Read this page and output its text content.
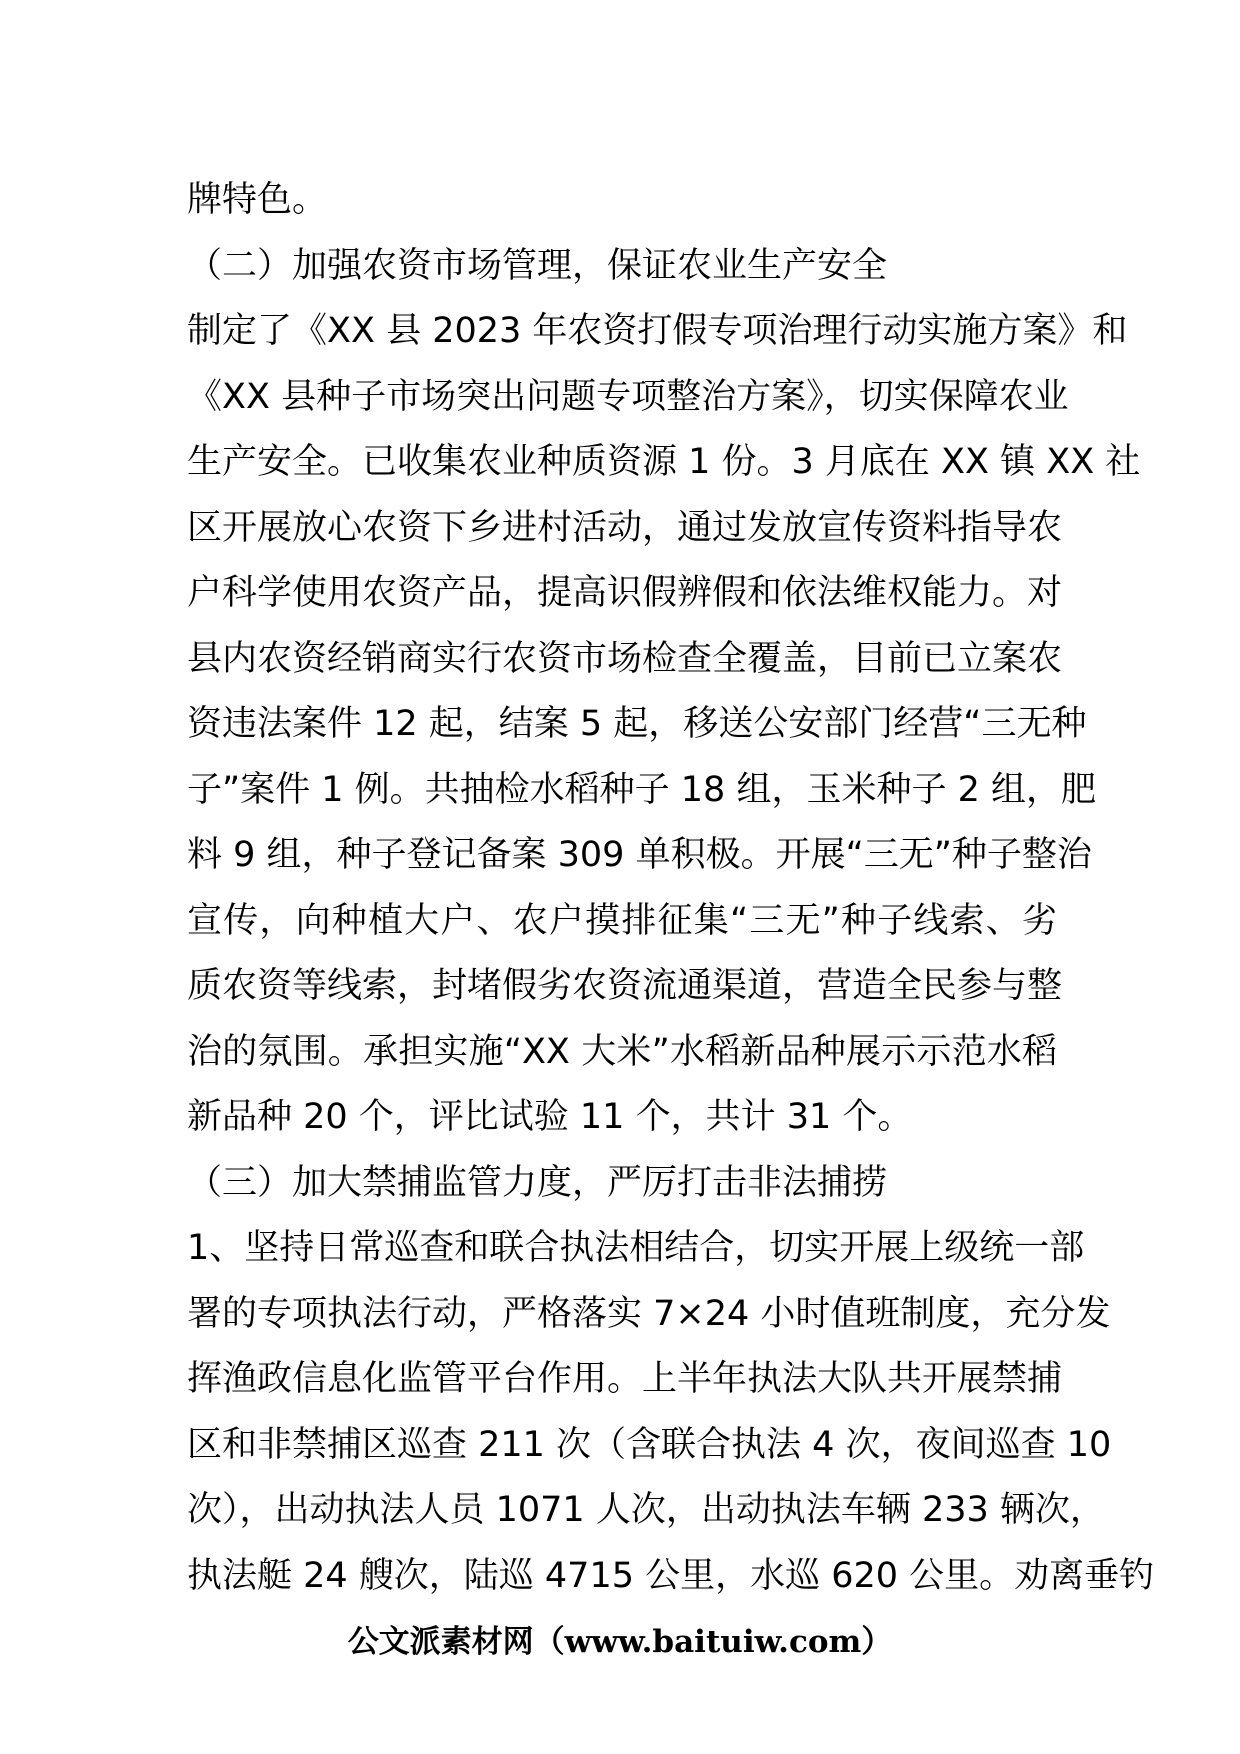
牌特色。
（二）加强农资市场管理，保证农业生产安全
制定了《XX 县 2023 年农资打假专项治理行动实施方案》和
《XX 县种子市场突出问题专项整治方案》，切实保障农业
生产安全。已收集农业种质资源 1 份。3 月底在 XX 镇 XX 社
区开展放心农资下乡进村活动，通过发放宣传资料指导农
户科学使用农资产品，提高识假辨假和依法维权能力。对
县内农资经销商实行农资市场检查全覆盖，目前已立案农
资违法案件 12 起，结案 5 起，移送公安部门经营“三无种
子”案件 1 例。共抽检水稻种子 18 组，玉米种子 2 组，肥
料 9 组，种子登记备案 309 单积极。开展“三无”种子整治
宣传，向种植大户、农户摸排征集“三无”种子线索、劣
质农资等线索，封堵假劣农资流通渠道，营造全民参与整
治的氛围。承担实施“XX 大米”水稻新品种展示示范水稻
新品种 20 个，评比试验 11 个，共计 31 个。
（三）加大禁捕监管力度，严厉打击非法捕捞
1、坚持日常巡查和联合执法相结合，切实开展上级统一部
署的专项执法行动，严格落实 7×24 小时值班制度，充分发
挥渔政信息化监管平台作用。上半年执法大队共开展禁捕
区和非禁捕区巡查 211 次（含联合执法 4 次，夜间巡查 10
次），出动执法人员 1071 人次，出动执法车辆 233 辆次，
执法艇 24 艘次，陆巡 4715 公里，水巡 620 公里。劝离垂钓
公文派素材网（www.baituiw.com）
